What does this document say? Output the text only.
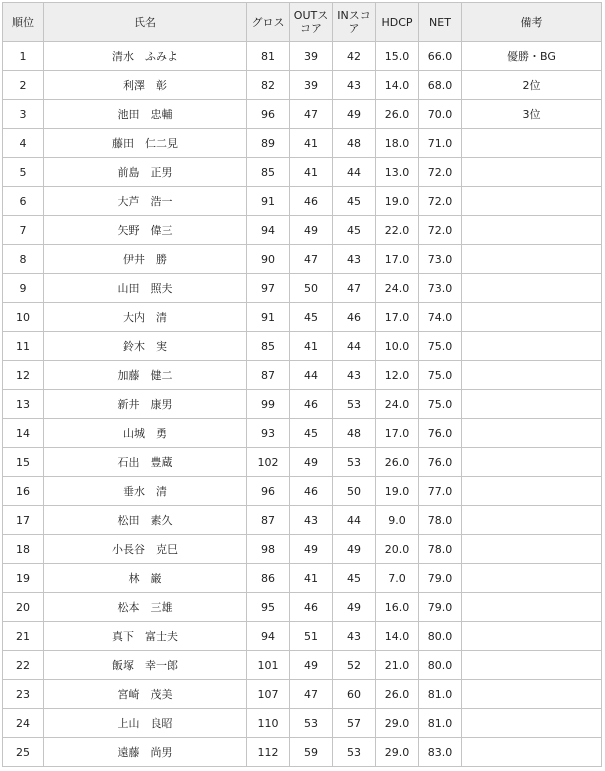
順位	氏名	グロス	OUTスコア	INスコア	HDCP	NET	備考
1	清水　ふみよ	81	39	42	15.0	66.0	優勝・BG
2	利澤　彰	82	39	43	14.0	68.0	2位
3	池田　忠輔	96	47	49	26.0	70.0	3位
4	藤田　仁二見	89	41	48	18.0	71.0	
5	前島　正男	85	41	44	13.0	72.0	
6	大芦　浩一	91	46	45	19.0	72.0	
7	矢野　偉三	94	49	45	22.0	72.0	
8	伊井　勝	90	47	43	17.0	73.0	
9	山田　照夫	97	50	47	24.0	73.0	
10	大内　清	91	45	46	17.0	74.0	
11	鈴木　実	85	41	44	10.0	75.0	
12	加藤　健二	87	44	43	12.0	75.0	
13	新井　康男	99	46	53	24.0	75.0	
14	山城　勇	93	45	48	17.0	76.0	
15	石出　豊蔵	102	49	53	26.0	76.0	
16	垂水　清	96	46	50	19.0	77.0	
17	松田　素久	87	43	44	9.0	78.0	
18	小長谷　克巳	98	49	49	20.0	78.0	
19	林　巌	86	41	45	7.0	79.0	
20	松本　三雄	95	46	49	16.0	79.0	
21	真下　富士夫	94	51	43	14.0	80.0	
22	飯塚　幸一郎	101	49	52	21.0	80.0	
23	宮崎　茂美	107	47	60	26.0	81.0	
24	上山　良昭	110	53	57	29.0	81.0	
25	遠藤　尚男	112	59	53	29.0	83.0	
